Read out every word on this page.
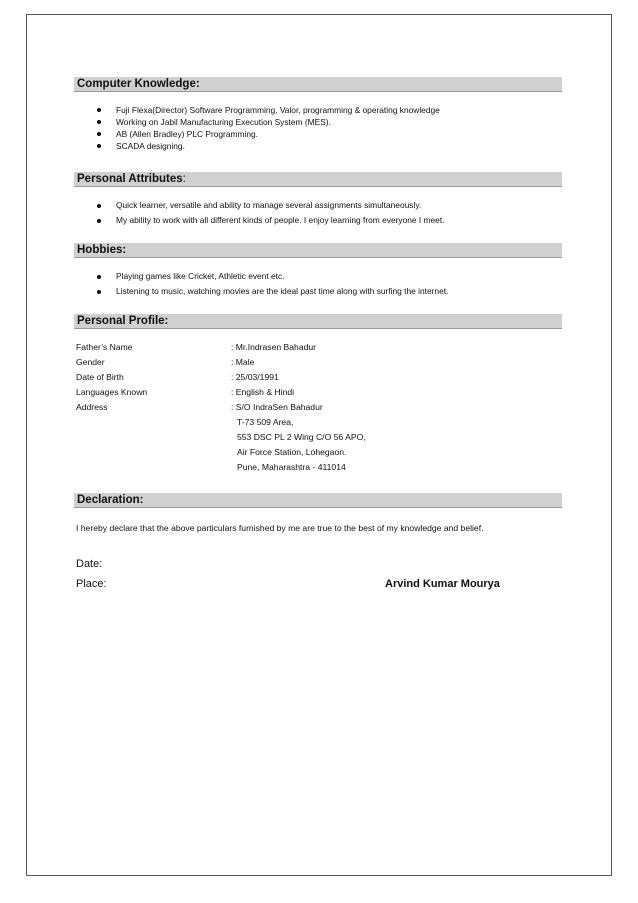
Computer Knowledge:
Fuji Flexa(Director) Software Programming, Valor, programming & operating knowledge
Working on Jabil Manufacturing Execution System (MES).
AB (Allen Bradley) PLC Programming.
SCADA designing.
Personal Attributes:
Quick learner, versatile and ability to manage several assignments simultaneously.
My ability to work with all different kinds of people. I enjoy learning from everyone I meet.
Hobbies:
Playing games like Cricket, Athletic event etc.
Listening to music, watching movies are the ideal past time along with surfing the internet.
Personal Profile:
Father’s Name	: Mr.Indrasen Bahadur
Gender	: Male
Date of Birth	: 25/03/1991
Languages Known	: English & Hindi
Address	: S/O IndraSen Bahadur
T-73 509 Area,
553 DSC PL 2 Wing C/O 56 APO,
Air Force Station, Lohegaon.
Pune, Maharashtra - 411014
Declaration:
I hereby declare that the above particulars furnished by me are true to the best of my knowledge and belief.
Date:
Place:	Arvind Kumar Mourya
